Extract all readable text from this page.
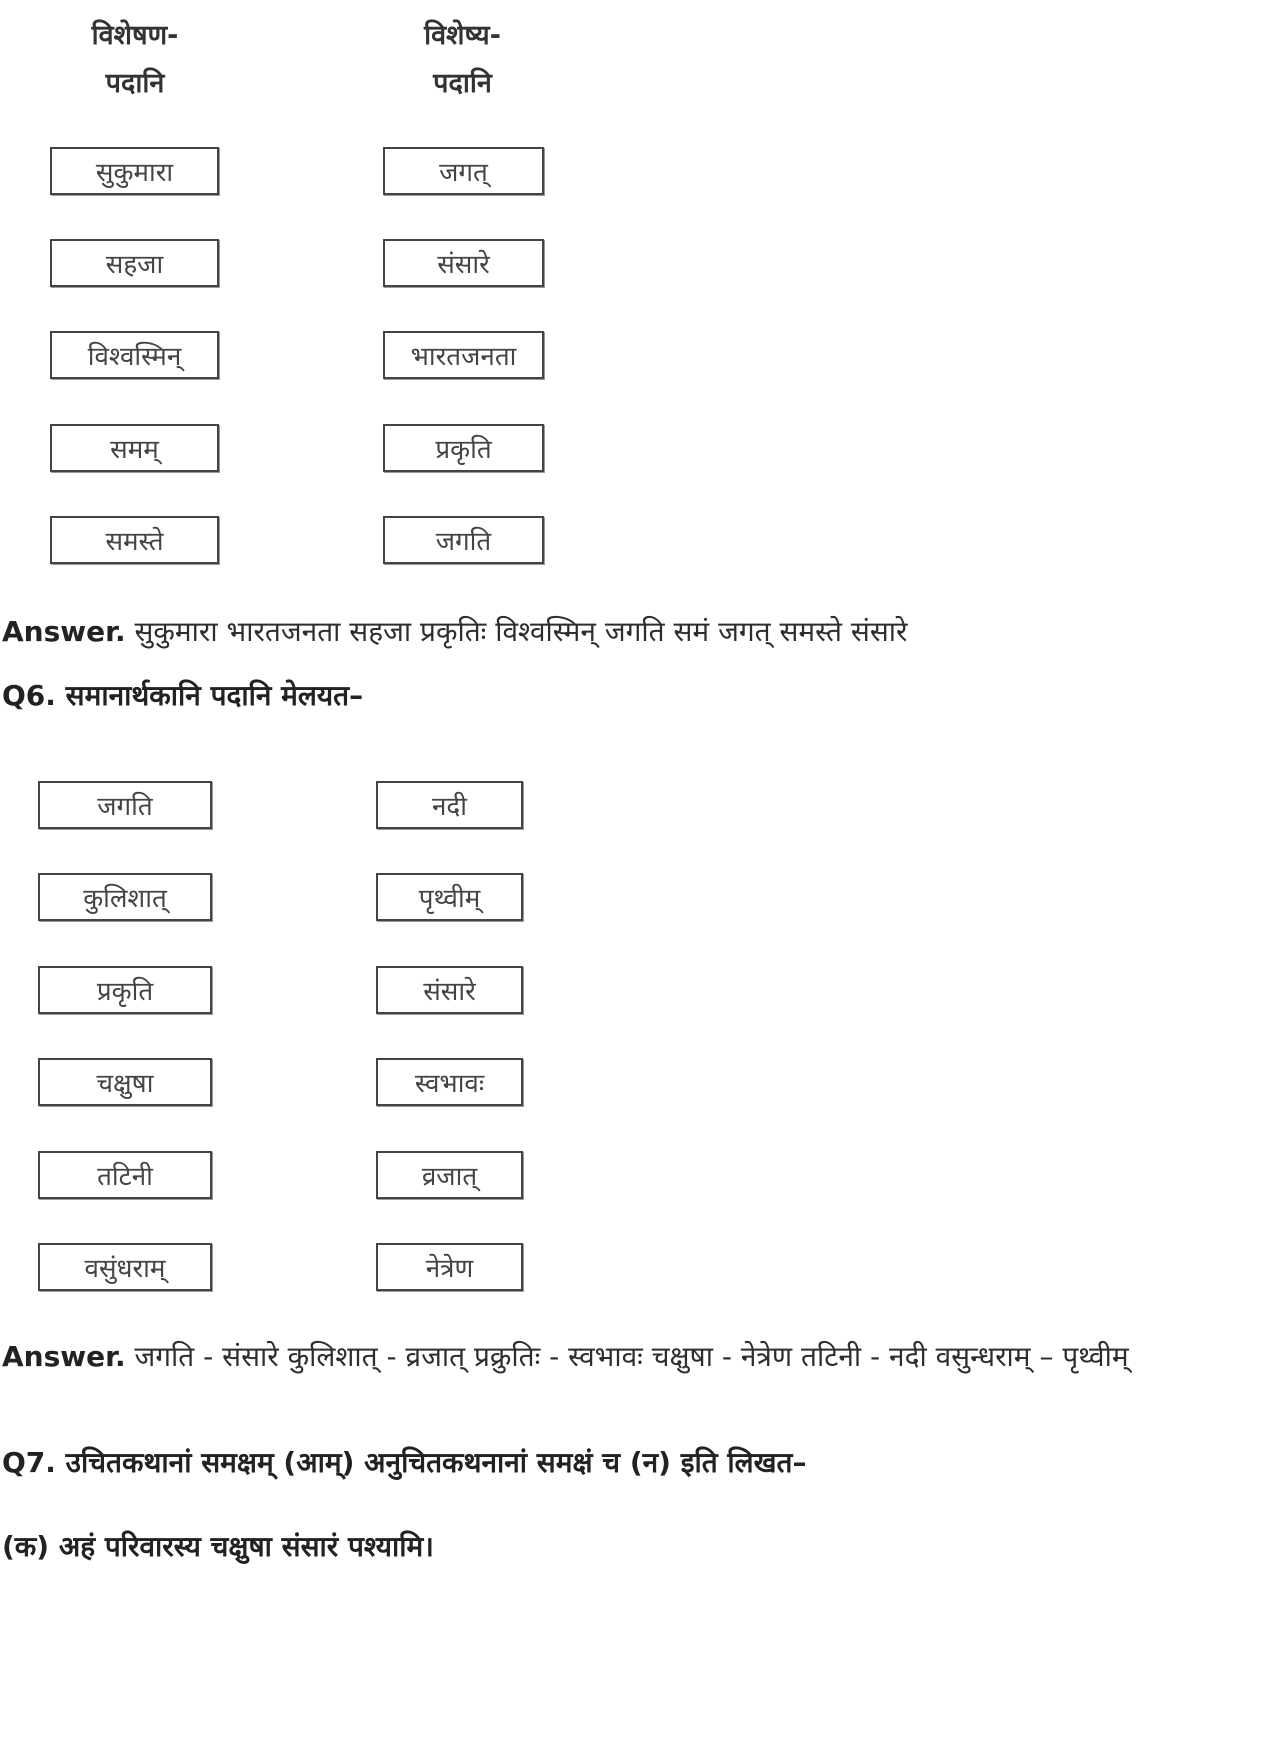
विशेषण-
पदानि
विशेष्य-
पदानि
सुकुमारा
सहजा
विश्वस्मिन्
समम्
समस्ते
जगत्
संसारे
भारतजनता
प्रकृति
जगति
Answer. सुकुमारा भारतजनता सहजा प्रकृतिः विश्वस्मिन् जगति समं जगत् समस्ते संसारे
Q6. समानार्थकानि पदानि मेलयत–
जगति
कुलिशात्
प्रकृति
चक्षुषा
तटिनी
वसुंधराम्
नदी
पृथ्वीम्
संसारे
स्वभावः
व्रजात्
नेत्रेण
Answer. जगति - संसारे कुलिशात् - व्रजात् प्रक्रुतिः - स्वभावः चक्षुषा - नेत्रेण तटिनी - नदी वसुन्धराम् – पृथ्वीम्
Q7. उचितकथानां समक्षम् (आम्) अनुचितकथनानां समक्षं च (न) इति लिखत–
(क) अहं परिवारस्य चक्षुषा संसारं पश्यामि।
